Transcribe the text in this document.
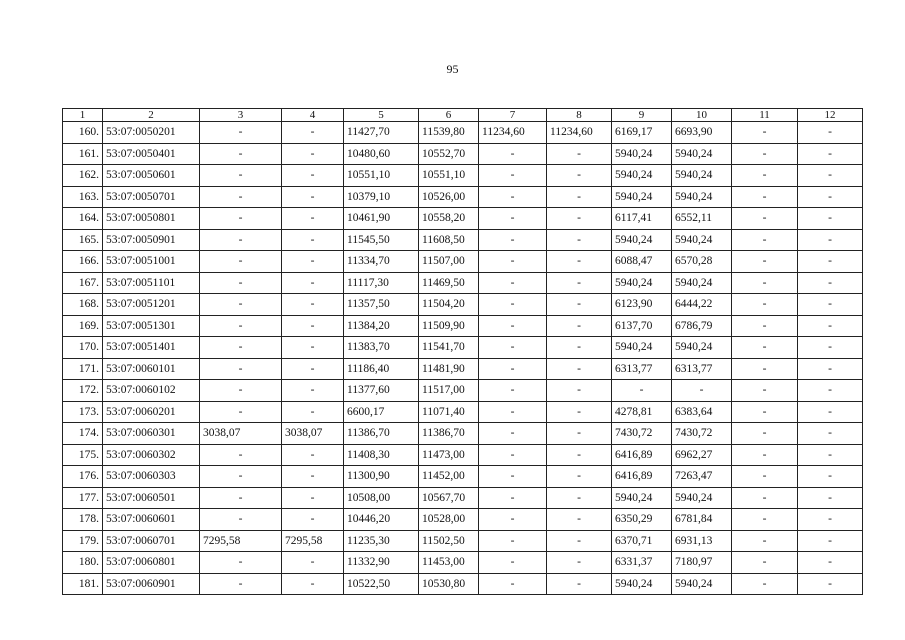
95
1	2	3	4	5	6	7	8	9	10	11	12
160.	53:07:0050201	-	-	11427,70	11539,80	11234,60	11234,60	6169,17	6693,90	-	-
161.	53:07:0050401	-	-	10480,60	10552,70	-	-	5940,24	5940,24	-	-
162.	53:07:0050601	-	-	10551,10	10551,10	-	-	5940,24	5940,24	-	-
163.	53:07:0050701	-	-	10379,10	10526,00	-	-	5940,24	5940,24	-	-
164.	53:07:0050801	-	-	10461,90	10558,20	-	-	6117,41	6552,11	-	-
165.	53:07:0050901	-	-	11545,50	11608,50	-	-	5940,24	5940,24	-	-
166.	53:07:0051001	-	-	11334,70	11507,00	-	-	6088,47	6570,28	-	-
167.	53:07:0051101	-	-	11117,30	11469,50	-	-	5940,24	5940,24	-	-
168.	53:07:0051201	-	-	11357,50	11504,20	-	-	6123,90	6444,22	-	-
169.	53:07:0051301	-	-	11384,20	11509,90	-	-	6137,70	6786,79	-	-
170.	53:07:0051401	-	-	11383,70	11541,70	-	-	5940,24	5940,24	-	-
171.	53:07:0060101	-	-	11186,40	11481,90	-	-	6313,77	6313,77	-	-
172.	53:07:0060102	-	-	11377,60	11517,00	-	-	-	-	-	-
173.	53:07:0060201	-	-	6600,17	11071,40	-	-	4278,81	6383,64	-	-
174.	53:07:0060301	3038,07	3038,07	11386,70	11386,70	-	-	7430,72	7430,72	-	-
175.	53:07:0060302	-	-	11408,30	11473,00	-	-	6416,89	6962,27	-	-
176.	53:07:0060303	-	-	11300,90	11452,00	-	-	6416,89	7263,47	-	-
177.	53:07:0060501	-	-	10508,00	10567,70	-	-	5940,24	5940,24	-	-
178.	53:07:0060601	-	-	10446,20	10528,00	-	-	6350,29	6781,84	-	-
179.	53:07:0060701	7295,58	7295,58	11235,30	11502,50	-	-	6370,71	6931,13	-	-
180.	53:07:0060801	-	-	11332,90	11453,00	-	-	6331,37	7180,97	-	-
181.	53:07:0060901	-	-	10522,50	10530,80	-	-	5940,24	5940,24	-	-
